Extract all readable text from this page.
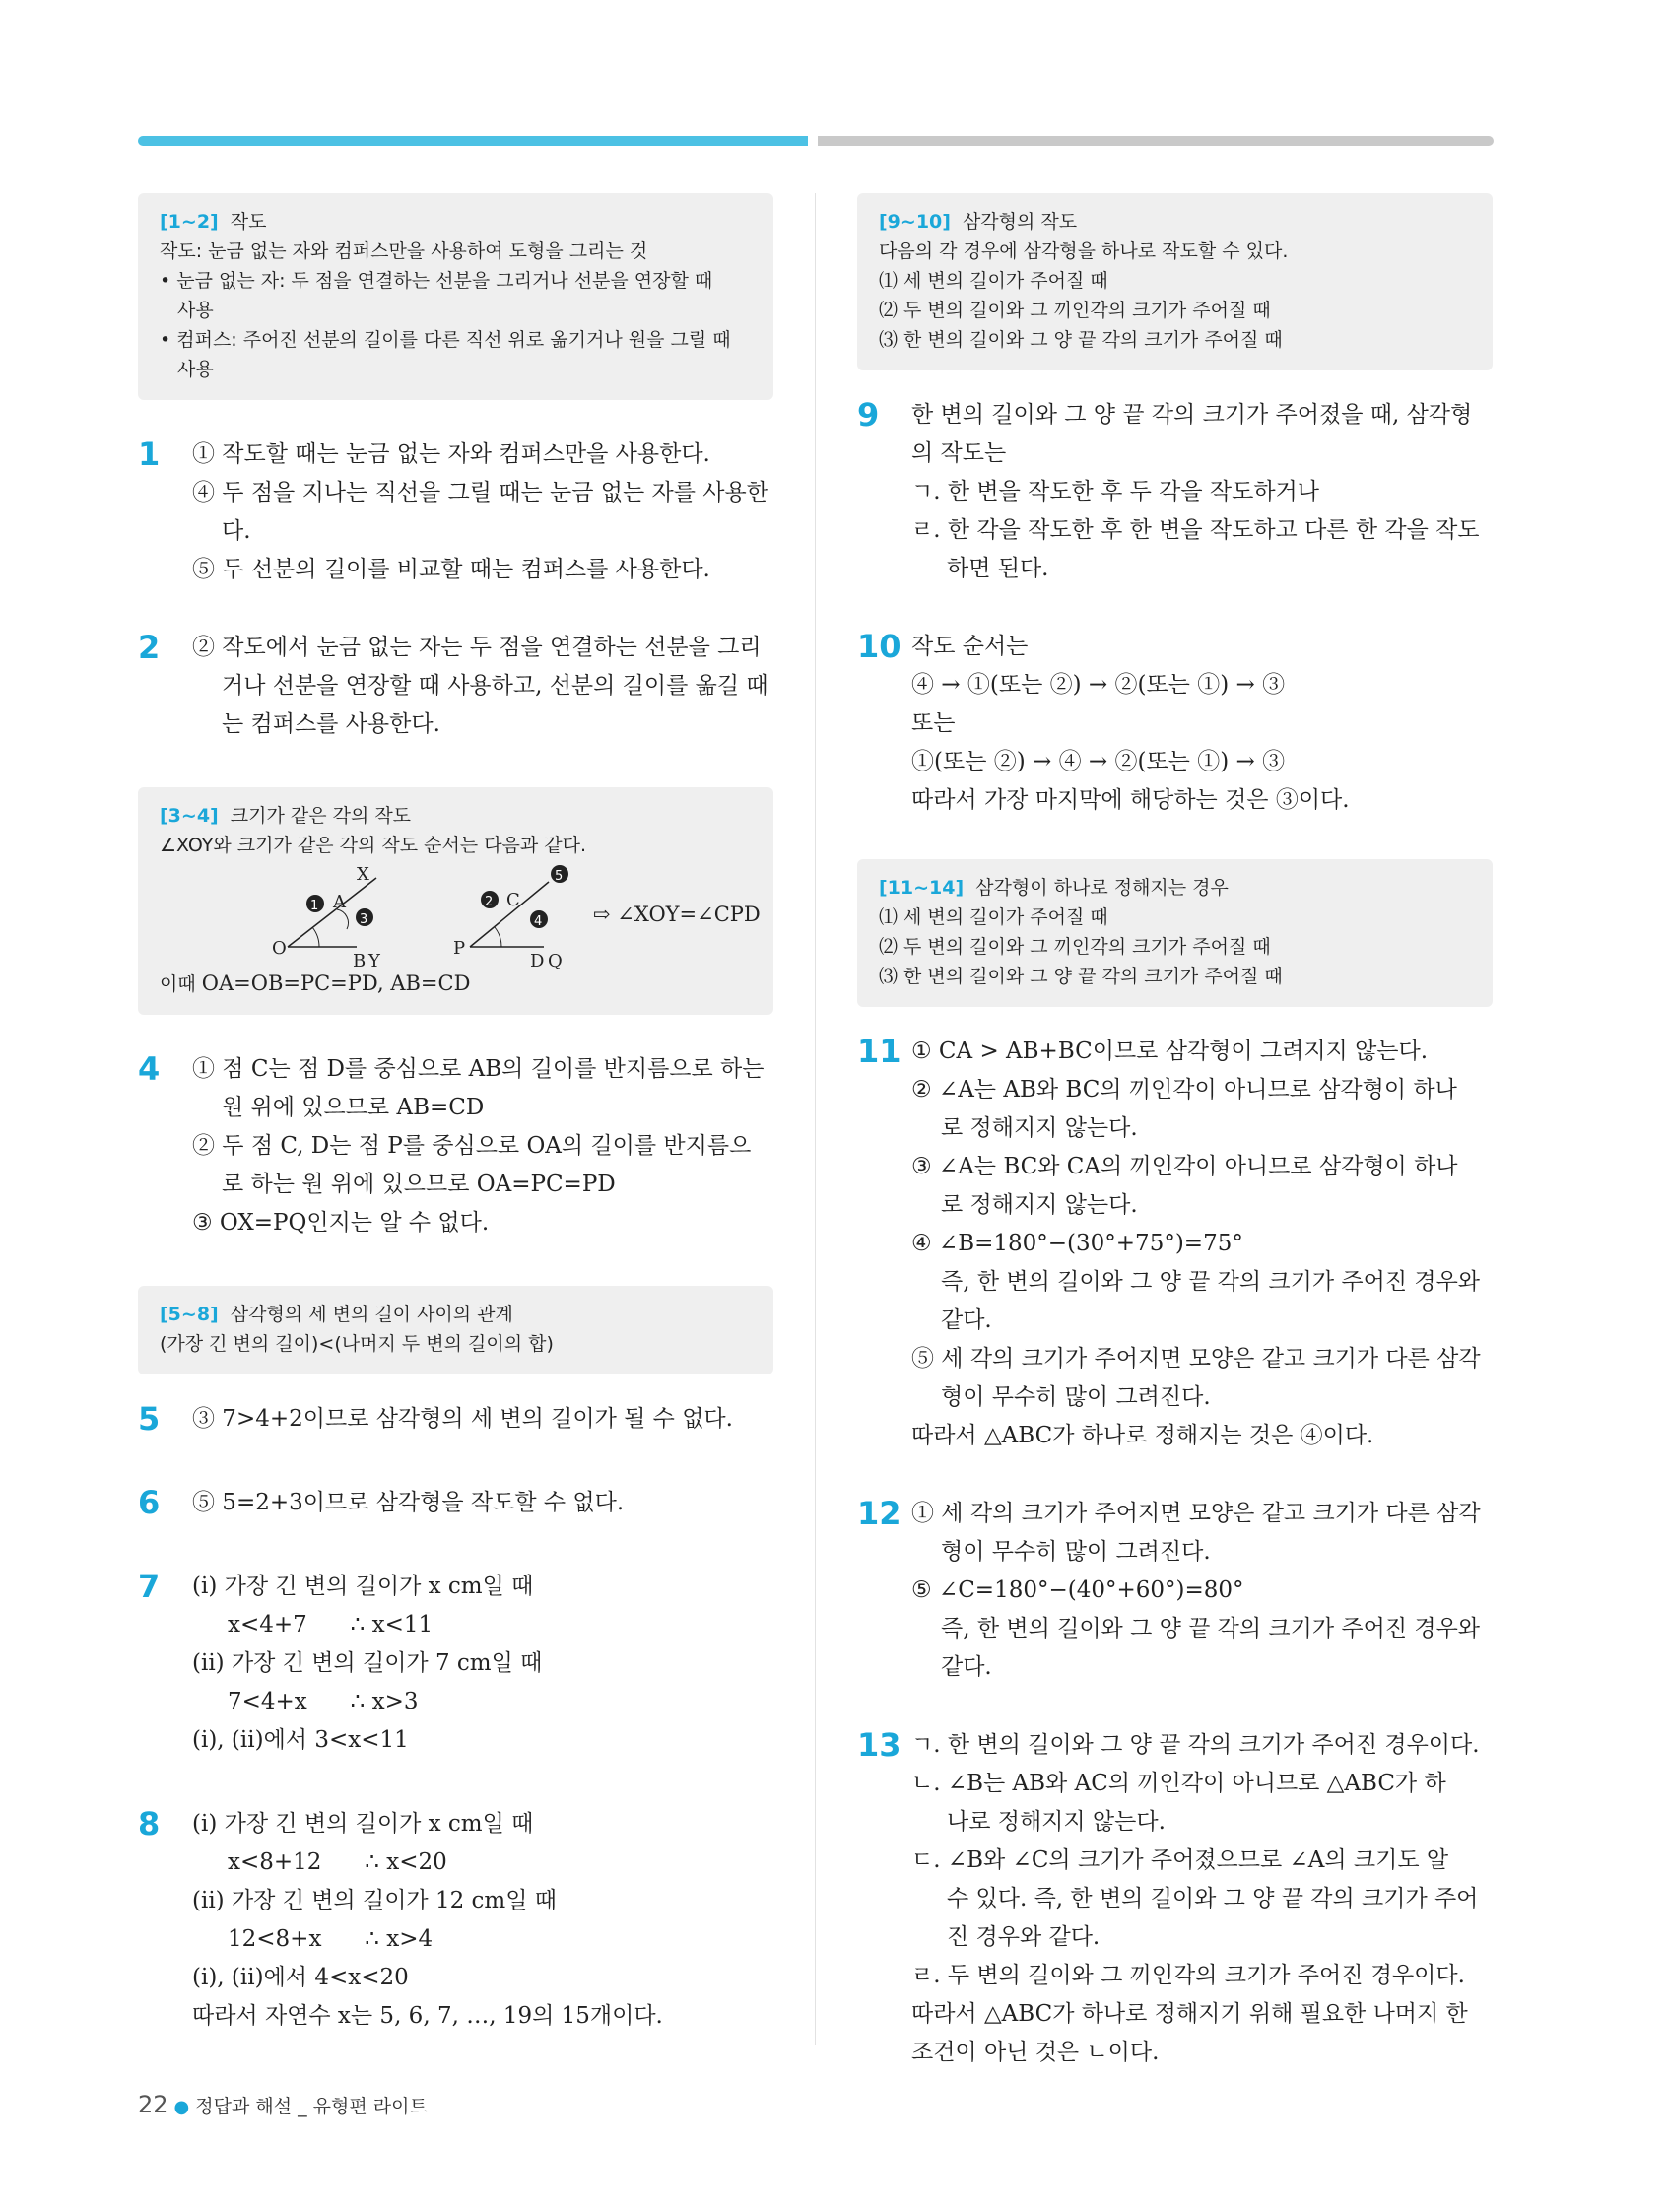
[1~2] 작도
작도: 눈금 없는 자와 컴퍼스만을 사용하여 도형을 그리는 것
• 눈금 없는 자: 두 점을 연결하는 선분을 그리거나 선분을 연장할 때
사용
• 컴퍼스: 주어진 선분의 길이를 다른 직선 위로 옮기거나 원을 그릴 때
사용
1 ① 작도할 때는 눈금 없는 자와 컴퍼스만을 사용한다.
④ 두 점을 지나는 직선을 그릴 때는 눈금 없는 자를 사용한
다.
⑤ 두 선분의 길이를 비교할 때는 컴퍼스를 사용한다.
2 ② 작도에서 눈금 없는 자는 두 점을 연결하는 선분을 그리
거나 선분을 연장할 때 사용하고, 선분의 길이를 옮길 때
는 컴퍼스를 사용한다.
[3~4] 크기가 같은 각의 작도
∠XOY와 크기가 같은 각의 작도 순서는 다음과 같다.
O
X
A
B Y
1
3
P
C
D Q
2
4
5
⇨ ∠XOY=∠CPD
이때 OA=OB=PC=PD, AB=CD
4 ① 점 C는 점 D를 중심으로 AB의 길이를 반지름으로 하는
원 위에 있으므로 AB=CD
② 두 점 C, D는 점 P를 중심으로 OA의 길이를 반지름으
로 하는 원 위에 있으므로 OA=PC=PD
③ OX=PQ인지는 알 수 없다.
[5~8] 삼각형의 세 변의 길이 사이의 관계
(가장 긴 변의 길이)<(나머지 두 변의 길이의 합)
5 ③ 7>4+2이므로 삼각형의 세 변의 길이가 될 수 없다.
6 ⑤ 5=2+3이므로 삼각형을 작도할 수 없다.
7 (ⅰ) 가장 긴 변의 길이가 x cm일 때
x<4+7      ∴ x<11
(ⅱ) 가장 긴 변의 길이가 7 cm일 때
7<4+x      ∴ x>3
(ⅰ), (ⅱ)에서 3<x<11
8 (ⅰ) 가장 긴 변의 길이가 x cm일 때
x<8+12      ∴ x<20
(ⅱ) 가장 긴 변의 길이가 12 cm일 때
12<8+x      ∴ x>4
(ⅰ), (ⅱ)에서 4<x<20
따라서 자연수 x는 5, 6, 7, …, 19의 15개이다.
[9~10] 삼각형의 작도
다음의 각 경우에 삼각형을 하나로 작도할 수 있다.
⑴ 세 변의 길이가 주어질 때
⑵ 두 변의 길이와 그 끼인각의 크기가 주어질 때
⑶ 한 변의 길이와 그 양 끝 각의 크기가 주어질 때
9 한 변의 길이와 그 양 끝 각의 크기가 주어졌을 때, 삼각형
의 작도는
ㄱ. 한 변을 작도한 후 두 각을 작도하거나
ㄹ. 한 각을 작도한 후 한 변을 작도하고 다른 한 각을 작도
하면 된다.
10 작도 순서는
④ → ①(또는 ②) → ②(또는 ①) → ③
또는
①(또는 ②) → ④ → ②(또는 ①) → ③
따라서 가장 마지막에 해당하는 것은 ③이다.
[11~14] 삼각형이 하나로 정해지는 경우
⑴ 세 변의 길이가 주어질 때
⑵ 두 변의 길이와 그 끼인각의 크기가 주어질 때
⑶ 한 변의 길이와 그 양 끝 각의 크기가 주어질 때
11 ① CA > AB+BC이므로 삼각형이 그려지지 않는다.
② ∠A는 AB와 BC의 끼인각이 아니므로 삼각형이 하나
로 정해지지 않는다.
③ ∠A는 BC와 CA의 끼인각이 아니므로 삼각형이 하나
로 정해지지 않는다.
④ ∠B=180°−(30°+75°)=75°
즉, 한 변의 길이와 그 양 끝 각의 크기가 주어진 경우와
같다.
⑤ 세 각의 크기가 주어지면 모양은 같고 크기가 다른 삼각
형이 무수히 많이 그려진다.
따라서 △ABC가 하나로 정해지는 것은 ④이다.
12 ① 세 각의 크기가 주어지면 모양은 같고 크기가 다른 삼각
형이 무수히 많이 그려진다.
⑤ ∠C=180°−(40°+60°)=80°
즉, 한 변의 길이와 그 양 끝 각의 크기가 주어진 경우와
같다.
13 ㄱ. 한 변의 길이와 그 양 끝 각의 크기가 주어진 경우이다.
ㄴ. ∠B는 AB와 AC의 끼인각이 아니므로 △ABC가 하
나로 정해지지 않는다.
ㄷ. ∠B와 ∠C의 크기가 주어졌으므로 ∠A의 크기도 알
수 있다. 즉, 한 변의 길이와 그 양 끝 각의 크기가 주어
진 경우와 같다.
ㄹ. 두 변의 길이와 그 끼인각의 크기가 주어진 경우이다.
따라서 △ABC가 하나로 정해지기 위해 필요한 나머지 한
조건이 아닌 것은 ㄴ이다.
22 ● 정답과 해설 _ 유형편 라이트
